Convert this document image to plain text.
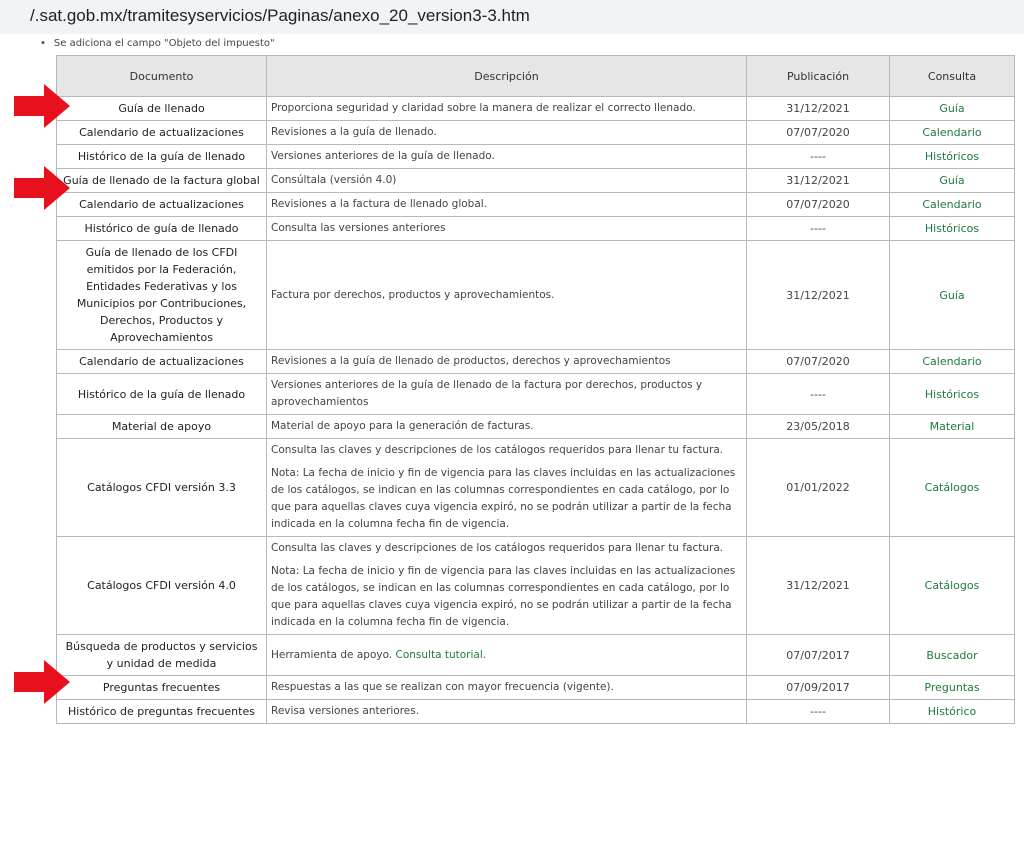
/.sat.gob.mx/tramitesyservicios/Paginas/anexo_20_version3-3.htm
• Se adiciona el campo "Objeto del impuesto"
Documento	Descripción	Publicación	Consulta
Guía de llenado	Proporciona seguridad y claridad sobre la manera de realizar el correcto llenado.	31/12/2021	Guía
Calendario de actualizaciones	Revisiones a la guía de llenado.	07/07/2020	Calendario
Histórico de la guía de llenado	Versiones anteriores de la guía de llenado.	----	Históricos
Guía de llenado de la factura global	Consúltala (versión 4.0)	31/12/2021	Guía
Calendario de actualizaciones	Revisiones a la factura de llenado global.	07/07/2020	Calendario
Histórico de guía de llenado	Consulta las versiones anteriores	----	Históricos
Guía de llenado de los CFDI emitidos por la Federación, Entidades Federativas y los Municipios por Contribuciones, Derechos, Productos y Aprovechamientos	Factura por derechos, productos y aprovechamientos.	31/12/2021	Guía
Calendario de actualizaciones	Revisiones a la guía de llenado de productos, derechos y aprovechamientos	07/07/2020	Calendario
Histórico de la guía de llenado	Versiones anteriores de la guía de llenado de la factura por derechos, productos y aprovechamientos	----	Históricos
Material de apoyo	Material de apoyo para la generación de facturas.	23/05/2018	Material
Catálogos CFDI versión 3.3	Consulta las claves y descripciones de los catálogos requeridos para llenar tu factura.

Nota: La fecha de inicio y fin de vigencia para las claves incluidas en las actualizaciones de los catálogos, se indican en las columnas correspondientes en cada catálogo, por lo que para aquellas claves cuya vigencia expiró, no se podrán utilizar a partir de la fecha indicada en la columna fecha fin de vigencia.	01/01/2022	Catálogos
Catálogos CFDI versión 4.0	Consulta las claves y descripciones de los catálogos requeridos para llenar tu factura.

Nota: La fecha de inicio y fin de vigencia para las claves incluidas en las actualizaciones de los catálogos, se indican en las columnas correspondientes en cada catálogo, por lo que para aquellas claves cuya vigencia expiró, no se podrán utilizar a partir de la fecha indicada en la columna fecha fin de vigencia.	31/12/2021	Catálogos
Búsqueda de productos y servicios y unidad de medida	Herramienta de apoyo. Consulta tutorial.	07/07/2017	Buscador
Preguntas frecuentes	Respuestas a las que se realizan con mayor frecuencia (vigente).	07/09/2017	Preguntas
Histórico de preguntas frecuentes	Revisa versiones anteriores.	----	Histórico
